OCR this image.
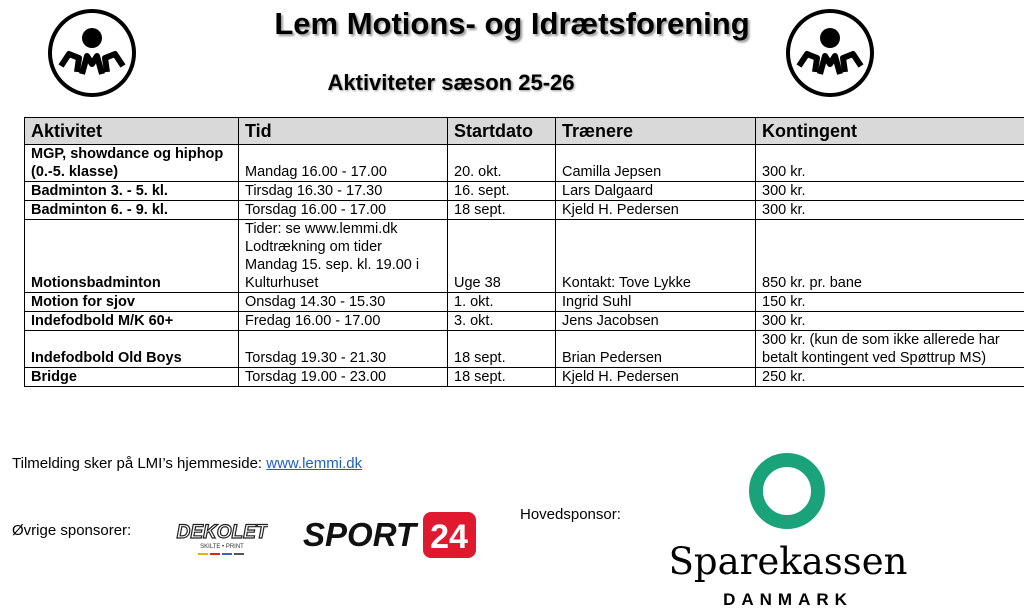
Lem Motions- og Idrætsforening
Aktiviteter sæson 25-26
Aktivitet	Tid	Startdato	Trænere	Kontingent

MGP, showdance og hiphop
(0.-5. klasse)	Mandag 16.00 - 17.00	20. okt.	Camilla Jepsen	300 kr.

Badminton 3. - 5. kl.	Tirsdag 16.30 - 17.30	16. sept.	Lars Dalgaard	300 kr.

Badminton 6. - 9. kl.	Torsdag 16.00 - 17.00	18 sept.	Kjeld H. Pedersen	300 kr.

Motionsbadminton	Tider: se www.lemmi.dk
Lodtrækning om tider
Mandag 15. sep. kl. 19.00 i
Kulturhuset	Uge 38	Kontakt: Tove Lykke	850 kr. pr. bane

Motion for sjov	Onsdag 14.30 - 15.30	1. okt.	Ingrid Suhl	150 kr.

Indefodbold M/K 60+	Fredag 16.00 - 17.00	3. okt.	Jens Jacobsen	300 kr.

Indefodbold Old Boys	Torsdag 19.30 - 21.30	18 sept.	Brian Pedersen	300 kr. (kun de som ikke allerede har
betalt kontingent ved Spøttrup MS)

Bridge	Torsdag 19.00 - 23.00	18 sept.	Kjeld H. Pedersen	250 kr.
Tilmelding sker på LMI’s hjemmeside: www.lemmi.dk
Øvrige sponsorer:
Hovedsponsor:
DEKOLET
SKILTE • PRINT SPORT 24
Sparekassen
DANMARK
